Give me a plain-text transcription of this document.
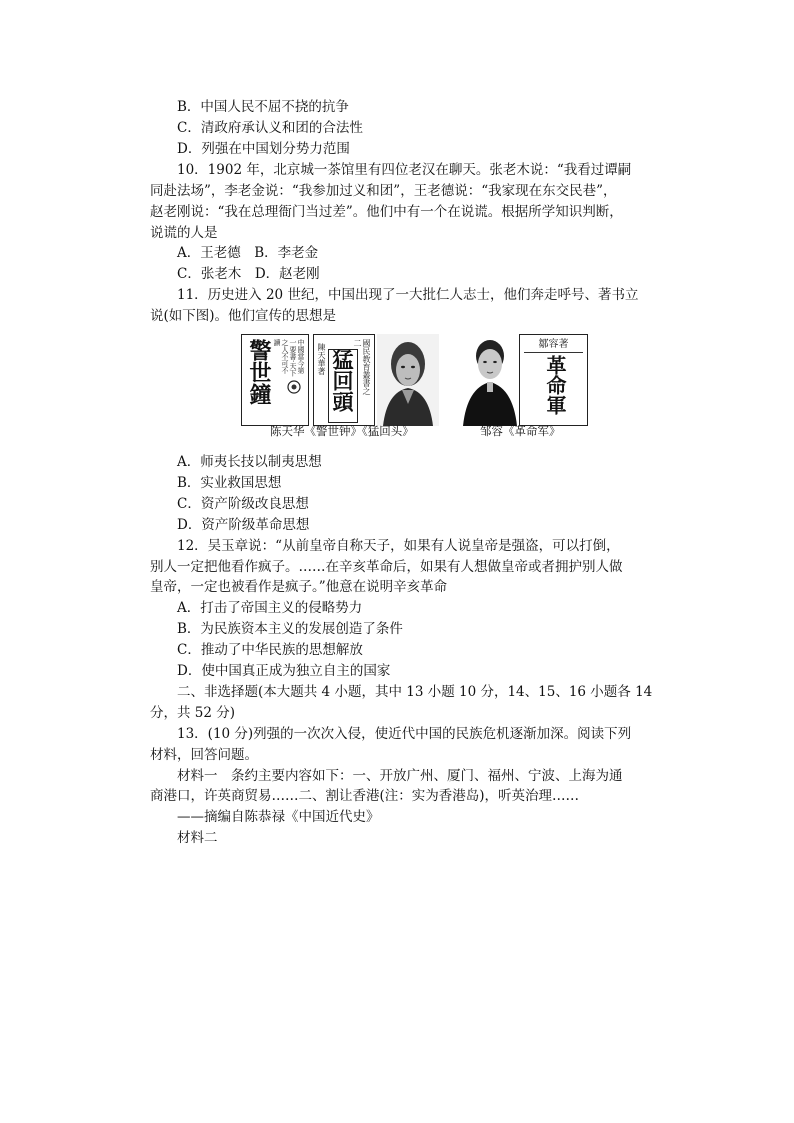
B．中国人民不屈不挠的抗争
C．清政府承认义和团的合法性
D．列强在中国划分势力范围
10．1902 年，北京城一茶馆里有四位老汉在聊天。张老木说：“我看过谭嗣
同赴法场”，李老金说：“我参加过义和团”，王老德说：“我家现在东交民巷”，
赵老刚说：“我在总理衙门当过差”。他们中有一个在说谎。根据所学知识判断，
说谎的人是
A．王老德　B．李老金
C．张老木　D．赵老刚
11．历史进入 20 世纪，中国出现了一大批仁人志士，他们奔走呼号、著书立
说(如下图)。他们宣传的思想是
中國當今第一要書·天下之人不可不讀
警世鐘	國民教育叢書之二
陳天華著 猛回頭
鄒容著
革命軍
陈天华《警世钟》《猛回头》	邹容《革命军》
A．师夷长技以制夷思想
B．实业救国思想
C．资产阶级改良思想
D．资产阶级革命思想
12．吴玉章说：“从前皇帝自称天子，如果有人说皇帝是强盗，可以打倒，
别人一定把他看作疯子。……在辛亥革命后，如果有人想做皇帝或者拥护别人做
皇帝，一定也被看作是疯子。”他意在说明辛亥革命
A．打击了帝国主义的侵略势力
B．为民族资本主义的发展创造了条件
C．推动了中华民族的思想解放
D．使中国真正成为独立自主的国家
二、非选择题(本大题共 4 小题，其中 13 小题 10 分，14、15、16 小题各 14
分，共 52 分)
13．(10 分)列强的一次次入侵，使近代中国的民族危机逐渐加深。阅读下列
材料，回答问题。
材料一　条约主要内容如下：一、开放广州、厦门、福州、宁波、上海为通
商港口，许英商贸易……二、割让香港(注：实为香港岛)，听英治理……
——摘编自陈恭禄《中国近代史》
材料二
